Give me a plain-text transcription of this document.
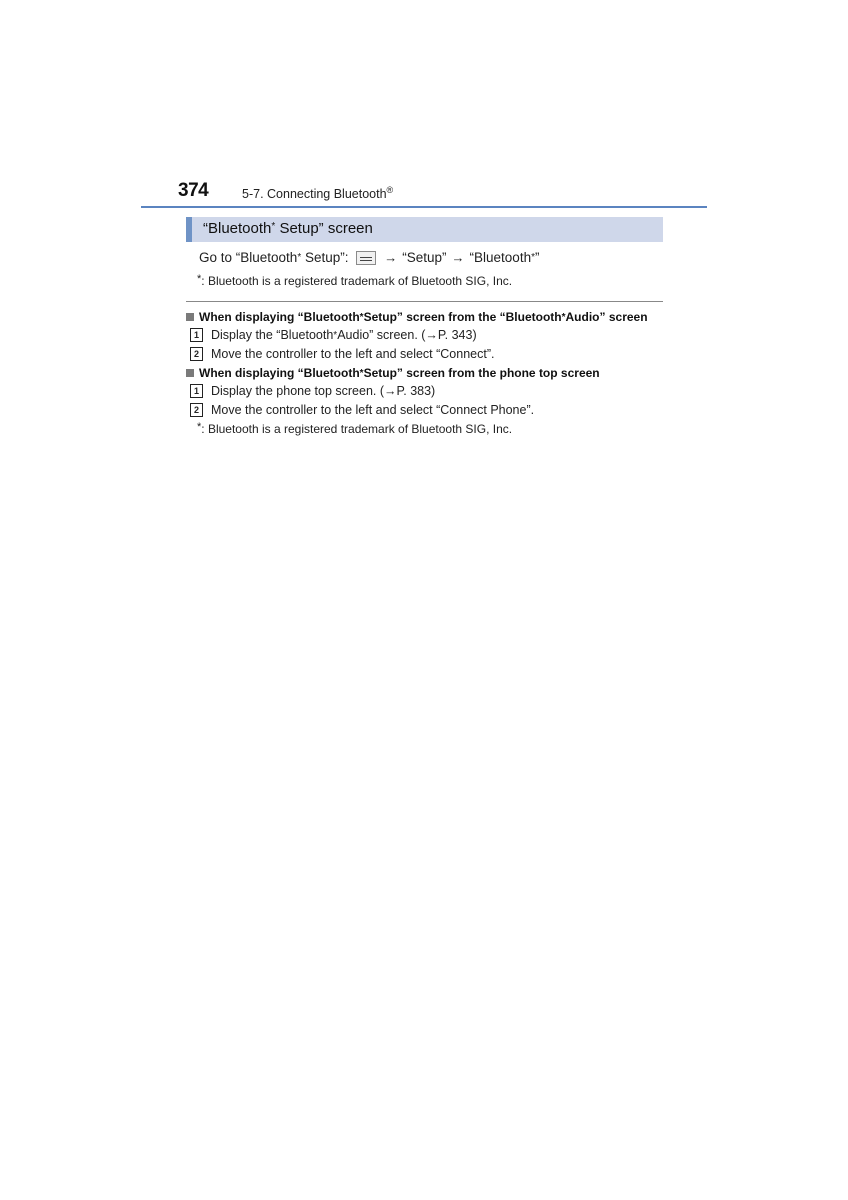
374	5-7. Connecting Bluetooth®
“Bluetooth* Setup” screen
Go to “Bluetooth * Setup”: → “Setup” → “Bluetooth * ”
*: Bluetooth is a registered trademark of Bluetooth SIG, Inc.
When displaying “Bluetooth * Setup” screen from the “Bluetooth * Audio” screen
1 Display the “Bluetooth * Audio” screen. (→P. 343)
2 Move the controller to the left and select “Connect”.
When displaying “Bluetooth * Setup” screen from the phone top screen
1 Display the phone top screen. (→P. 383)
2 Move the controller to the left and select “Connect Phone”.
*: Bluetooth is a registered trademark of Bluetooth SIG, Inc.
